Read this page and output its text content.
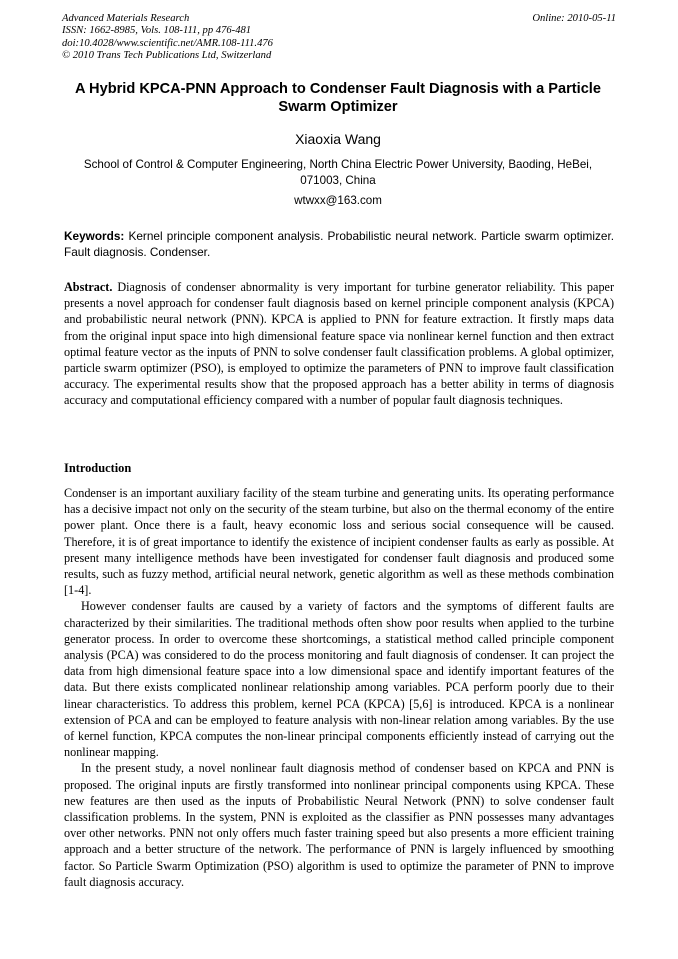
Advanced Materials Research
ISSN: 1662-8985, Vols. 108-111, pp 476-481
doi:10.4028/www.scientific.net/AMR.108-111.476
© 2010 Trans Tech Publications Ltd, Switzerland
Online: 2010-05-11
A Hybrid KPCA-PNN Approach to Condenser Fault Diagnosis with a Particle Swarm Optimizer
Xiaoxia Wang
School of Control & Computer Engineering, North China Electric Power University, Baoding, HeBei, 071003, China
wtwxx@163.com
Keywords: Kernel principle component analysis. Probabilistic neural network. Particle swarm optimizer. Fault diagnosis. Condenser.

Abstract. Diagnosis of condenser abnormality is very important for turbine generator reliability. This paper presents a novel approach for condenser fault diagnosis based on kernel principle component analysis (KPCA) and probabilistic neural network (PNN). KPCA is applied to PNN for feature extraction. It firstly maps data from the original input space into high dimensional feature space via nonlinear kernel function and then extract optimal feature vector as the inputs of PNN to solve condenser fault classification problems. A global optimizer, particle swarm optimizer (PSO), is employed to optimize the parameters of PNN to improve fault classification accuracy. The experimental results show that the proposed approach has a better ability in terms of diagnosis accuracy and computational efficiency compared with a number of popular fault diagnosis techniques.

Introduction

Condenser is an important auxiliary facility of the steam turbine and generating units. Its operating performance has a decisive impact not only on the security of the steam turbine, but also on the thermal economy of the entire power plant. Once there is a fault, heavy economic loss and serious social consequence will be caused. Therefore, it is of great importance to identify the existence of incipient condenser faults as early as possible. At present many intelligence methods have been investigated for condenser fault diagnosis and produced some results, such as fuzzy method, artificial neural network, genetic algorithm as well as these methods combination [1-4].

However condenser faults are caused by a variety of factors and the symptoms of different faults are characterized by their similarities. The traditional methods often show poor results when applied to the turbine generator process. In order to overcome these shortcomings, a statistical method called principle component analysis (PCA) was considered to do the process monitoring and fault diagnosis of condenser. It can project the data from high dimensional feature space into a low dimensional space and identify important features of the data. But there exists complicated nonlinear relationship among variables. PCA perform poorly due to their linear characteristics. To address this problem, kernel PCA (KPCA) [5,6] is introduced. KPCA is a nonlinear extension of PCA and can be employed to feature analysis with non-linear relation among variables. By the use of kernel function, KPCA computes the non-linear principal components efficiently instead of carrying out the nonlinear mapping.

In the present study, a novel nonlinear fault diagnosis method of condenser based on KPCA and PNN is proposed. The original inputs are firstly transformed into nonlinear principal components using KPCA. These new features are then used as the inputs of Probabilistic Neural Network (PNN) to solve condenser fault classification problems. In the system, PNN is exploited as the classifier as PNN possesses many advantages over other networks. PNN not only offers much faster training speed but also presents a more efficient training approach and a better structure of the network. The performance of PNN is largely influenced by smoothing factor. So Particle Swarm Optimization (PSO) algorithm is used to optimize the parameter of PNN to improve fault diagnosis accuracy.
